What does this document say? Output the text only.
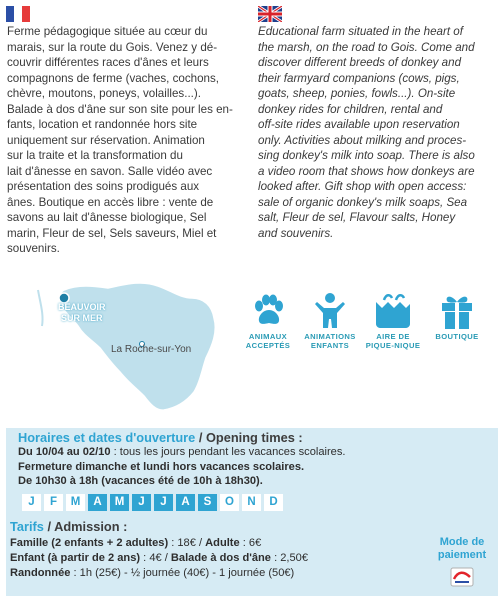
Ferme pédagogique située au cœur du
marais, sur la route du Gois. Venez y dé-
couvrir différentes races d'ânes et leurs
compagnons de ferme (vaches, cochons,
chèvre, moutons, poneys, volailles...).
Balade à dos d'âne sur son site pour les en-
fants, location et randonnée hors site
uniquement sur réservation. Animation
sur la traite et la transformation du
lait d'ânesse en savon. Salle vidéo avec
présentation des soins prodigués aux
ânes. Boutique en accès libre : vente de
savons au lait d'ânesse biologique, Sel
marin, Fleur de sel, Sels saveurs, Miel et
souvenirs.
Educational farm situated in the heart of
the marsh, on the road to Gois. Come and
discover different breeds of donkey and
their farmyard companions (cows, pigs,
goats, sheep, ponies, fowls...). On-site
donkey rides for children, rental and
off-site rides available upon reservation
only. Activities about milking and proces-
sing donkey's milk into soap. There is also
a video room that shows how donkeys are
looked after. Gift shop with open access:
sale of organic donkey's milk soaps, Sea
salt, Fleur de sel, Flavour salts, Honey
and souvenirs.
BEAUVOIR
SUR MER
La Roche-sur-Yon
ANIMAUX
ACCEPTÉS
ANIMATIONS
ENFANTS
AIRE DE
PIQUE-NIQUE
BOUTIQUE
Horaires et dates d'ouverture / Opening times :
Du 10/04 au 02/10 : tous les jours pendant les vacances scolaires.
Fermeture dimanche et lundi hors vacances scolaires.
De 10h30 à 18h (vacances été de 10h à 18h30).
J	F	M	A	M	J	J	A	S	O	N	D
Tarifs / Admission :
Famille (2 enfants + 2 adultes) : 18€ / Adulte : 6€
Enfant (à partir de 2 ans) : 4€ / Balade à dos d'âne : 2,50€
Randonnée : 1h (25€) - ½ journée (40€) - 1 journée (50€)
Mode de
paiement
